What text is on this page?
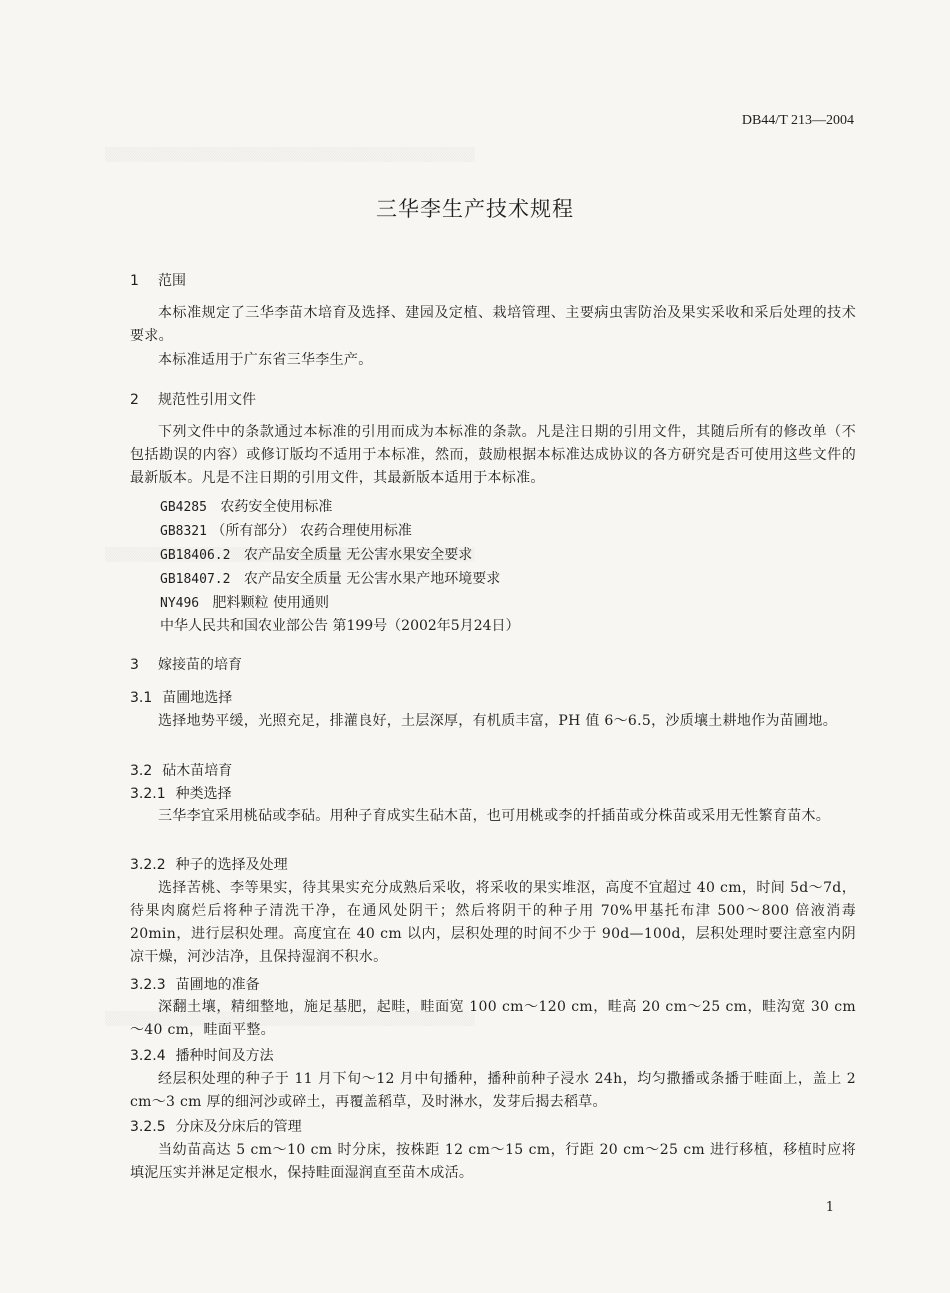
DB44/T 213—2004
三华李生产技术规程
1 范围
本标准规定了三华李苗木培育及选择、建园及定植、栽培管理、主要病虫害防治及果实采收和采后处理的技术要求。
本标准适用于广东省三华李生产。
2 规范性引用文件
下列文件中的条款通过本标准的引用而成为本标准的条款。凡是注日期的引用文件，其随后所有的修改单（不包括勘误的内容）或修订版均不适用于本标准，然而，鼓励根据本标准达成协议的各方研究是否可使用这些文件的最新版本。凡是不注日期的引用文件，其最新版本适用于本标准。
GB4285 农药安全使用标准
GB8321 （所有部分） 农药合理使用标准
GB18406.2 农产品安全质量 无公害水果安全要求
GB18407.2 农产品安全质量 无公害水果产地环境要求
NY496 肥料颗粒 使用通则
中华人民共和国农业部公告 第199号（2002年5月24日）
3 嫁接苗的培育
3.1 苗圃地选择
选择地势平缓，光照充足，排灌良好，土层深厚，有机质丰富，PH 值 6～6.5，沙质壤土耕地作为苗圃地。
3.2 砧木苗培育
3.2.1 种类选择
三华李宜采用桃砧或李砧。用种子育成实生砧木苗，也可用桃或李的扦插苗或分株苗或采用无性繁育苗木。
3.2.2 种子的选择及处理
选择苦桃、李等果实，待其果实充分成熟后采收，将采收的果实堆沤，高度不宜超过 40 cm，时间 5d～7d，待果肉腐烂后将种子清洗干净，在通风处阴干；然后将阴干的种子用 70%甲基托布津 500～800 倍液消毒 20min，进行层积处理。高度宜在 40 cm 以内，层积处理的时间不少于 90d—100d，层积处理时要注意室内阴凉干燥，河沙洁净，且保持湿润不积水。
3.2.3 苗圃地的准备
深翻土壤，精细整地，施足基肥，起畦，畦面宽 100 cm～120 cm，畦高 20 cm～25 cm，畦沟宽 30 cm～40 cm，畦面平整。
3.2.4 播种时间及方法
经层积处理的种子于 11 月下旬～12 月中旬播种，播种前种子浸水 24h，均匀撒播或条播于畦面上，盖上 2 cm～3 cm 厚的细河沙或碎土，再覆盖稻草，及时淋水，发芽后揭去稻草。
3.2.5 分床及分床后的管理
当幼苗高达 5 cm～10 cm 时分床，按株距 12 cm～15 cm，行距 20 cm～25 cm 进行移植，移植时应将填泥压实并淋足定根水，保持畦面湿润直至苗木成活。
1
